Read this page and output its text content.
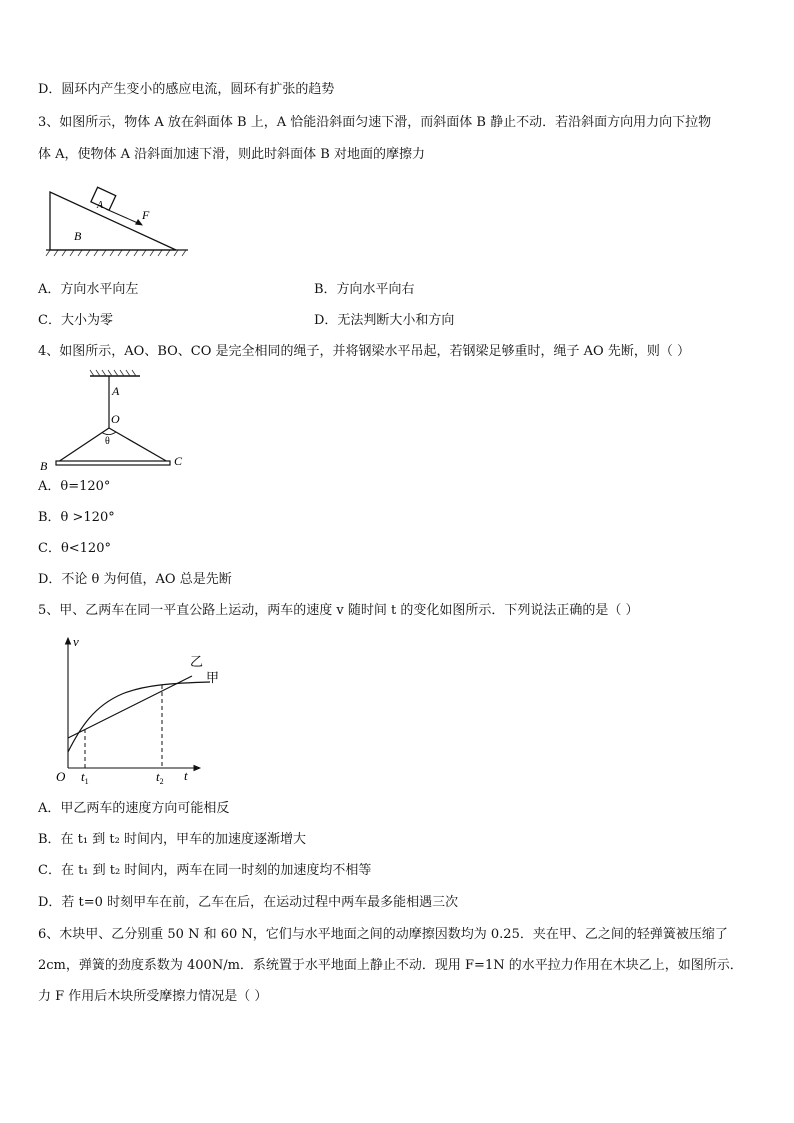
D．圆环内产生变小的感应电流，圆环有扩张的趋势
3、如图所示，物体 A 放在斜面体 B 上，A 恰能沿斜面匀速下滑，而斜面体 B 静止不动．若沿斜面方向用力向下拉物
体 A，使物体 A 沿斜面加速下滑，则此时斜面体 B 对地面的摩擦力
A
B
F
A．方向水平向左	B．方向水平向右
C．大小为零	D．无法判断大小和方向
4、如图所示，AO、BO、CO 是完全相同的绳子，并将钢梁水平吊起，若钢梁足够重时，绳子 AO 先断，则（ ）
A
O
θ
B	C
A．θ=120°
B．θ >120°
C．θ<120°
D．不论 θ 为何值，AO 总是先断
5、甲、乙两车在同一平直公路上运动，两车的速度 v 随时间 t 的变化如图所示．下列说法正确的是（ ）
v
t
O $t_1$	$t_2$
乙
甲
A．甲乙两车的速度方向可能相反
B．在 t₁ 到 t₂ 时间内，甲车的加速度逐渐增大
C．在 t₁ 到 t₂ 时间内，两车在同一时刻的加速度均不相等
D．若 t=0 时刻甲车在前，乙车在后，在运动过程中两车最多能相遇三次
6、木块甲、乙分别重 50 N 和 60 N，它们与水平地面之间的动摩擦因数均为 0.25．夹在甲、乙之间的轻弹簧被压缩了
2cm，弹簧的劲度系数为 400N/m．系统置于水平地面上静止不动．现用 F=1N 的水平拉力作用在木块乙上，如图所示．
力 F 作用后木块所受摩擦力情况是（ ）
